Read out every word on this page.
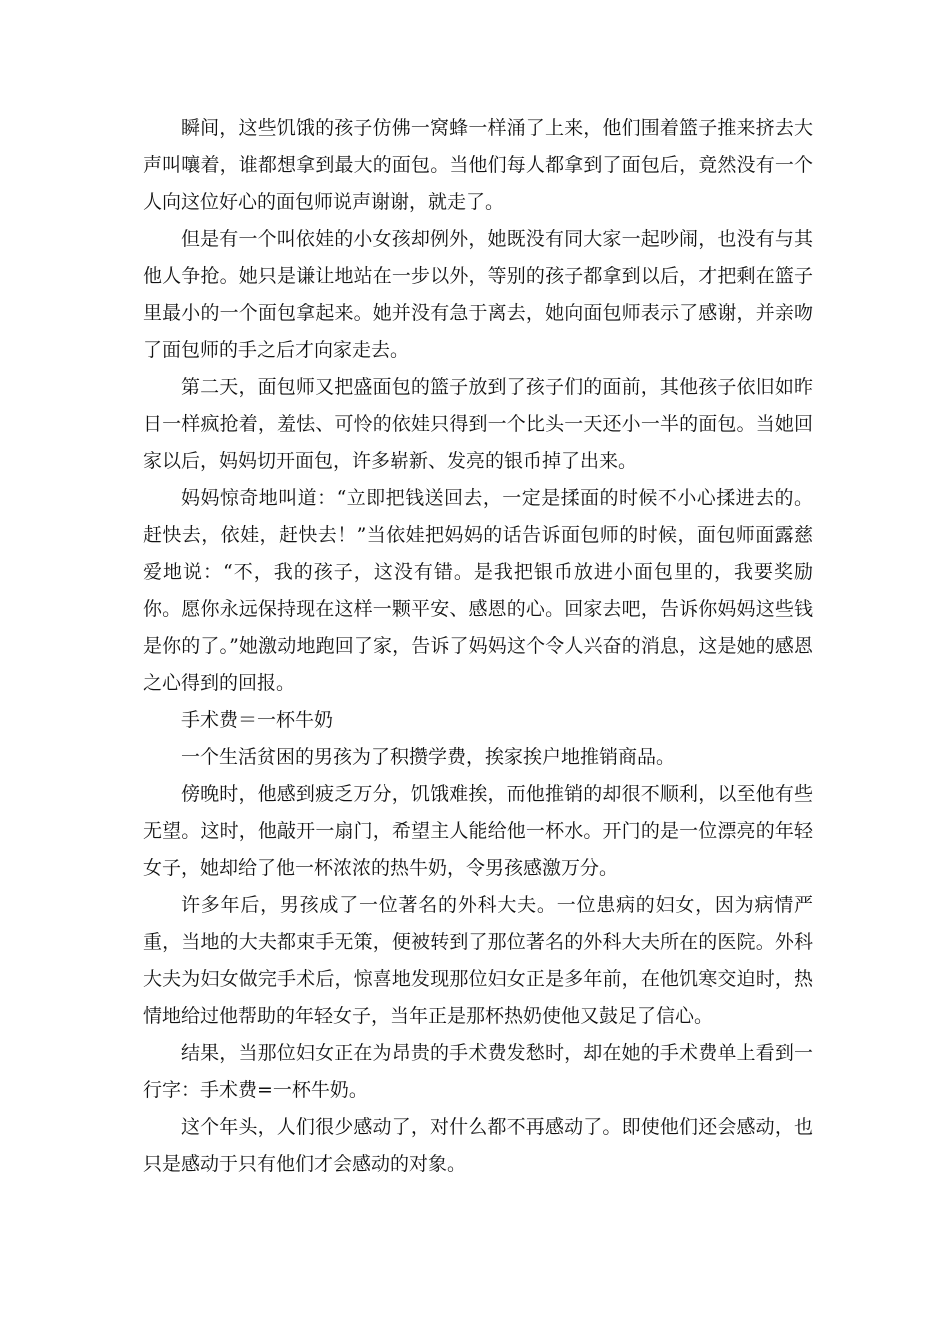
瞬间，这些饥饿的孩子仿佛一窝蜂一样涌了上来，他们围着篮子推来挤去大声叫嚷着，谁都想拿到最大的面包。当他们每人都拿到了面包后，竟然没有一个人向这位好心的面包师说声谢谢，就走了。

但是有一个叫依娃的小女孩却例外，她既没有同大家一起吵闹，也没有与其他人争抢。她只是谦让地站在一步以外，等别的孩子都拿到以后，才把剩在篮子里最小的一个面包拿起来。她并没有急于离去，她向面包师表示了感谢，并亲吻了面包师的手之后才向家走去。

第二天，面包师又把盛面包的篮子放到了孩子们的面前，其他孩子依旧如昨日一样疯抢着，羞怯、可怜的依娃只得到一个比头一天还小一半的面包。当她回家以后，妈妈切开面包，许多崭新、发亮的银币掉了出来。

妈妈惊奇地叫道：“立即把钱送回去，一定是揉面的时候不小心揉进去的。赶快去，依娃，赶快去！”当依娃把妈妈的话告诉面包师的时候，面包师面露慈爱地说：“不，我的孩子，这没有错。是我把银币放进小面包里的，我要奖励你。愿你永远保持现在这样一颗平安、感恩的心。回家去吧，告诉你妈妈这些钱是你的了。”她激动地跑回了家，告诉了妈妈这个令人兴奋的消息，这是她的感恩之心得到的回报。

手术费＝一杯牛奶

一个生活贫困的男孩为了积攒学费，挨家挨户地推销商品。

傍晚时，他感到疲乏万分，饥饿难挨，而他推销的却很不顺利，以至他有些无望。这时，他敲开一扇门，希望主人能给他一杯水。开门的是一位漂亮的年轻女子，她却给了他一杯浓浓的热牛奶，令男孩感激万分。

许多年后，男孩成了一位著名的外科大夫。一位患病的妇女，因为病情严重，当地的大夫都束手无策，便被转到了那位著名的外科大夫所在的医院。外科大夫为妇女做完手术后，惊喜地发现那位妇女正是多年前，在他饥寒交迫时，热情地给过他帮助的年轻女子，当年正是那杯热奶使他又鼓足了信心。

结果，当那位妇女正在为昂贵的手术费发愁时，却在她的手术费单上看到一行字：手术费=一杯牛奶。

这个年头，人们很少感动了，对什么都不再感动了。即使他们还会感动，也只是感动于只有他们才会感动的对象。
